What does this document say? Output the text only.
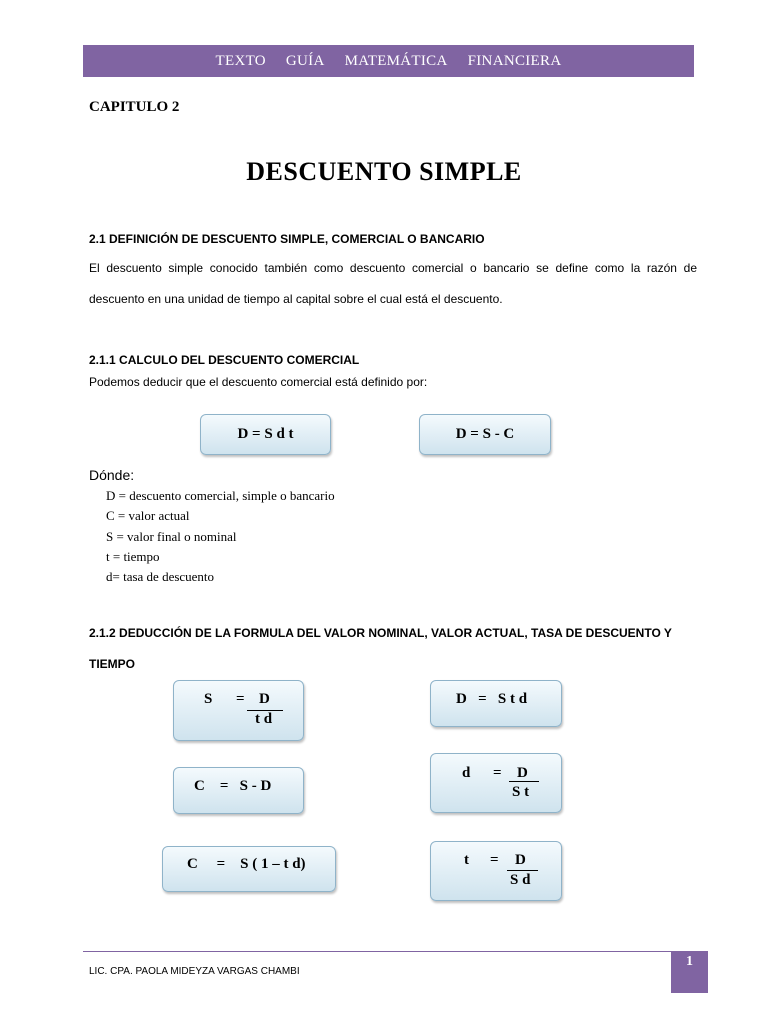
TEXTO GUÍA MATEMÁTICA FINANCIERA
CAPITULO 2
DESCUENTO SIMPLE
2.1 DEFINICIÓN DE DESCUENTO SIMPLE, COMERCIAL O BANCARIO
El descuento simple conocido también como descuento comercial o bancario se define como la razón de descuento en una unidad de tiempo al capital sobre el cual está el descuento.
2.1.1 CALCULO DEL DESCUENTO COMERCIAL
Podemos deducir que el descuento comercial está definido por:
D = S d t	D = S - C
Dónde:
D = descuento comercial, simple o bancario
C = valor actual
S = valor final o nominal
t = tiempo
d= tasa de descuento
2.1.2 DEDUCCIÓN DE LA FORMULA DEL VALOR NOMINAL, VALOR ACTUAL, TASA DE DESCUENTO Y
TIEMPO
S = D
t d
D   =   S t d
C    =   S - D
d = D
S t
C     =    S ( 1 – t d)	t = D
S d
LIC. CPA. PAOLA MIDEYZA VARGAS CHAMBI
1
